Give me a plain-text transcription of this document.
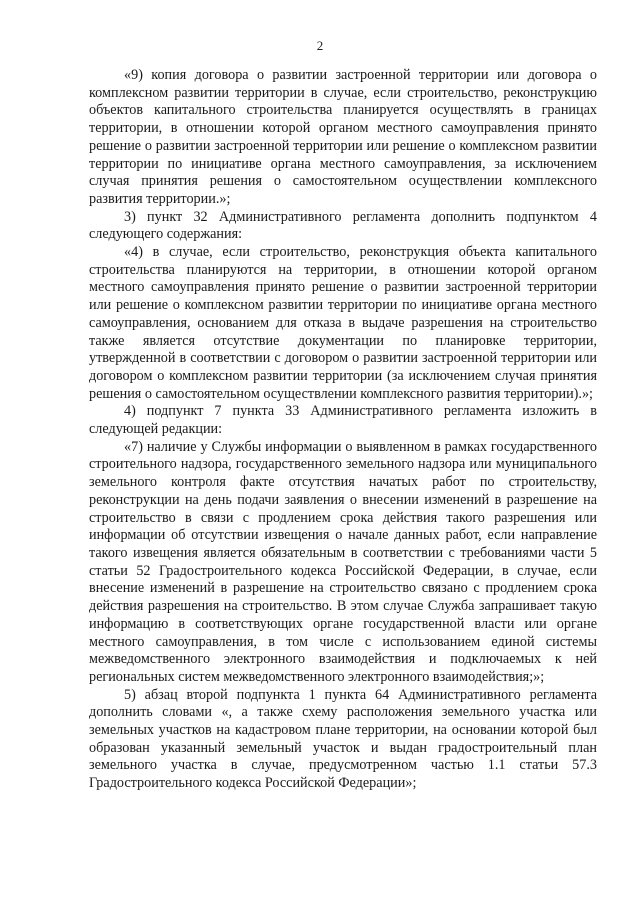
2

«9) копия договора о развитии застроенной территории или договора о комплексном развитии территории в случае, если строительство, реконструкцию объектов капитального строительства планируется осуществлять в границах территории, в отношении которой органом местного самоуправления принято решение о развитии застроенной территории или решение о комплексном развитии территории по инициативе органа местного самоуправления, за исключением случая принятия решения о самостоятельном осуществлении комплексного развития территории.»;

3) пункт 32 Административного регламента дополнить подпунктом 4 следующего содержания:

«4) в случае, если строительство, реконструкция объекта капитального строительства планируются на территории, в отношении которой органом местного самоуправления принято решение о развитии застроенной территории или решение о комплексном развитии территории по инициативе органа местного самоуправления, основанием для отказа в выдаче разрешения на строительство также является отсутствие документации по планировке территории, утвержденной в соответствии с договором о развитии застроенной территории или договором о комплексном развитии территории (за исключением случая принятия решения о самостоятельном осуществлении комплексного развития территории).»;

4) подпункт 7 пункта 33 Административного регламента изложить в следующей редакции:

«7) наличие у Службы информации о выявленном в рамках государственного строительного надзора, государственного земельного надзора или муниципального земельного контроля факте отсутствия начатых работ по строительству, реконструкции на день подачи заявления о внесении изменений в разрешение на строительство в связи с продлением срока действия такого разрешения или информации об отсутствии извещения о начале данных работ, если направление такого извещения является обязательным в соответствии с требованиями части 5 статьи 52 Градостроительного кодекса Российской Федерации, в случае, если внесение изменений в разрешение на строительство связано с продлением срока действия разрешения на строительство. В этом случае Служба запрашивает такую информацию в соответствующих органе государственной власти или органе местного самоуправления, в том числе с использованием единой системы межведомственного электронного взаимодействия и подключаемых к ней региональных систем межведомственного электронного взаимодействия;»;

5) абзац второй подпункта 1 пункта 64 Административного регламента дополнить словами «, а также схему расположения земельного участка или земельных участков на кадастровом плане территории, на основании которой был образован указанный земельный участок и выдан градостроительный план земельного участка в случае, предусмотренном частью 1.1 статьи 57.3 Градостроительного кодекса Российской Федерации»;
